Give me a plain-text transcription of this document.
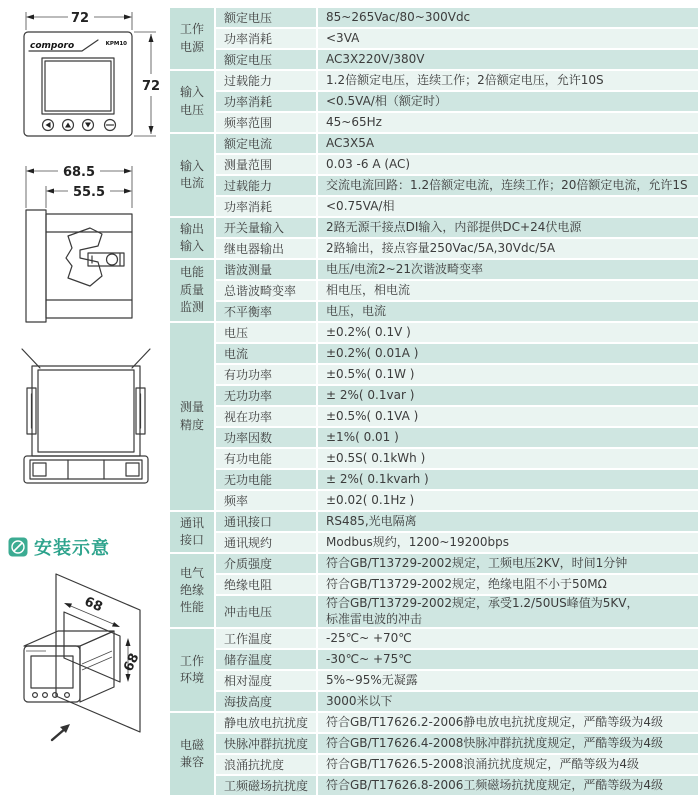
72
72
comporo	KPM10
68.5
55.5
安装示意
68
68
工作
电源	额定电压	85~265Vac/80~300Vdc
	功率消耗	<3VA
	额定电压	AC3X220V/380V
输入
电压	过载能力	1.2倍额定电压，连续工作；2倍额定电压，允许10S
	功率消耗	<0.5VA/相（额定时）
	频率范围	45~65Hz
输入
电流	额定电流	AC3X5A
	测量范围	0.03 -6 A (AC)
	过载能力	交流电流回路：1.2倍额定电流，连续工作；20倍额定电流，允许1S
	功率消耗	<0.75VA/相
输出
输入	开关量输入	2路无源干接点DI输入，内部提供DC+24伏电源
	继电器输出	2路输出，接点容量250Vac/5A,30Vdc/5A
电能
质量
监测	谐波测量	电压/电流2~21次谐波畸变率
	总谐波畸变率	相电压，相电流
	不平衡率	电压，电流
测量
精度	电压	±0.2%( 0.1V )
	电流	±0.2%( 0.01A )
	有功功率	±0.5%( 0.1W )
	无功功率	± 2%( 0.1var )
	视在功率	±0.5%( 0.1VA )
	功率因数	±1%( 0.01 )
	有功电能	±0.5S( 0.1kWh )
	无功电能	± 2%( 0.1kvarh )
	频率	±0.02( 0.1Hz )
通讯
接口	通讯接口	RS485,光电隔离
	通讯规约	Modbus规约，1200~19200bps
电气
绝缘
性能	介质强度	符合GB/T13729-2002规定，工频电压2KV，时间1分钟
	绝缘电阻	符合GB/T13729-2002规定，绝缘电阻不小于50MΩ
	冲击电压	符合GB/T13729-2002规定，承受1.2/50US峰值为5KV，
标准雷电波的冲击
工作
环境	工作温度	-25℃~ +70℃
	储存温度	-30℃~ +75℃
	相对湿度	5%~95%无凝露
	海拔高度	3000米以下
电磁
兼容	静电放电抗扰度	符合GB/T17626.2-2006静电放电抗扰度规定，严酷等级为4级
	快脉冲群抗扰度	符合GB/T17626.4-2008快脉冲群抗扰度规定，严酷等级为4级
	浪涌抗扰度	符合GB/T17626.5-2008浪涌抗扰度规定，严酷等级为4级
	工频磁场抗扰度	符合GB/T17626.8-2006工频磁场抗扰度规定，严酷等级为4级
